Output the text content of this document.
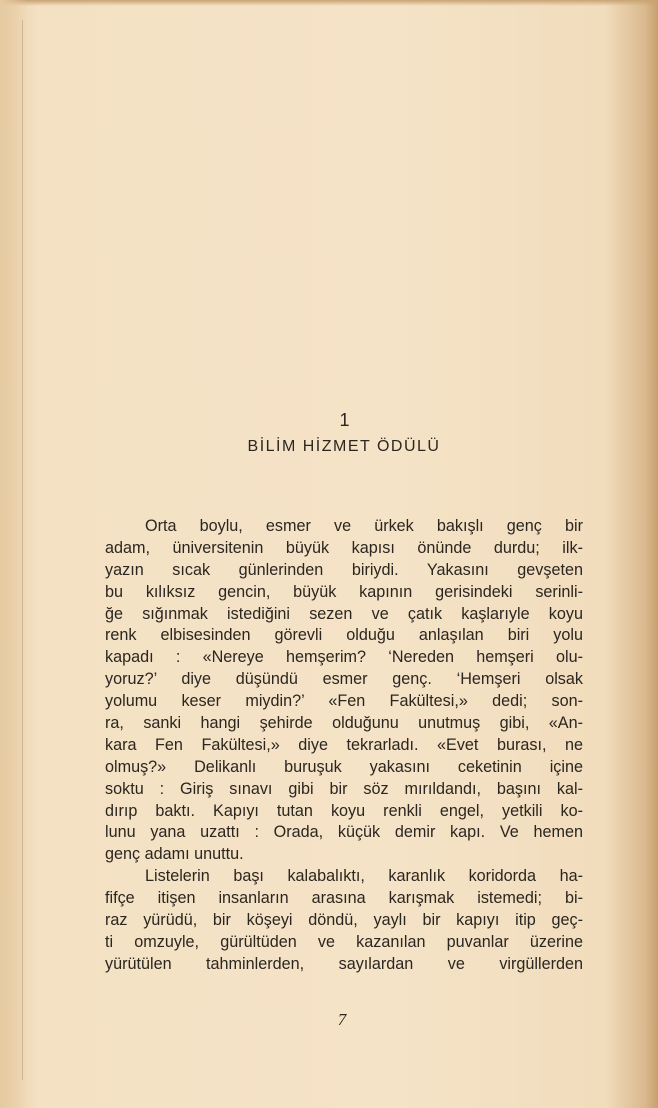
1
BİLİM HİZMET ÖDÜLÜ
Orta boylu, esmer ve ürkek bakışlı genç bir
adam, üniversitenin büyük kapısı önünde durdu; ilk-
yazın sıcak günlerinden biriydi. Yakasını gevşeten
bu kılıksız gencin, büyük kapının gerisindeki serinli-
ğe sığınmak istediğini sezen ve çatık kaşlarıyle koyu
renk elbisesinden görevli olduğu anlaşılan biri yolu
kapadı : «Nereye hemşerim? ‘Nereden hemşeri olu-
yoruz?’ diye düşündü esmer genç. ‘Hemşeri olsak
yolumu keser miydin?’ «Fen Fakültesi,» dedi; son-
ra, sanki hangi şehirde olduğunu unutmuş gibi, «An-
kara Fen Fakültesi,» diye tekrarladı. «Evet burası, ne
olmuş?» Delikanlı buruşuk yakasını ceketinin içine
soktu : Giriş sınavı gibi bir söz mırıldandı, başını kal-
dırıp baktı. Kapıyı tutan koyu renkli engel, yetkili ko-
lunu yana uzattı : Orada, küçük demir kapı. Ve hemen
genç adamı unuttu.
Listelerin başı kalabalıktı, karanlık koridorda ha-
fifçe itişen insanların arasına karışmak istemedi; bi-
raz yürüdü, bir köşeyi döndü, yaylı bir kapıyı itip geç-
ti omzuyle, gürültüden ve kazanılan puvanlar üzerine
yürütülen tahminlerden, sayılardan ve virgüllerden
7
